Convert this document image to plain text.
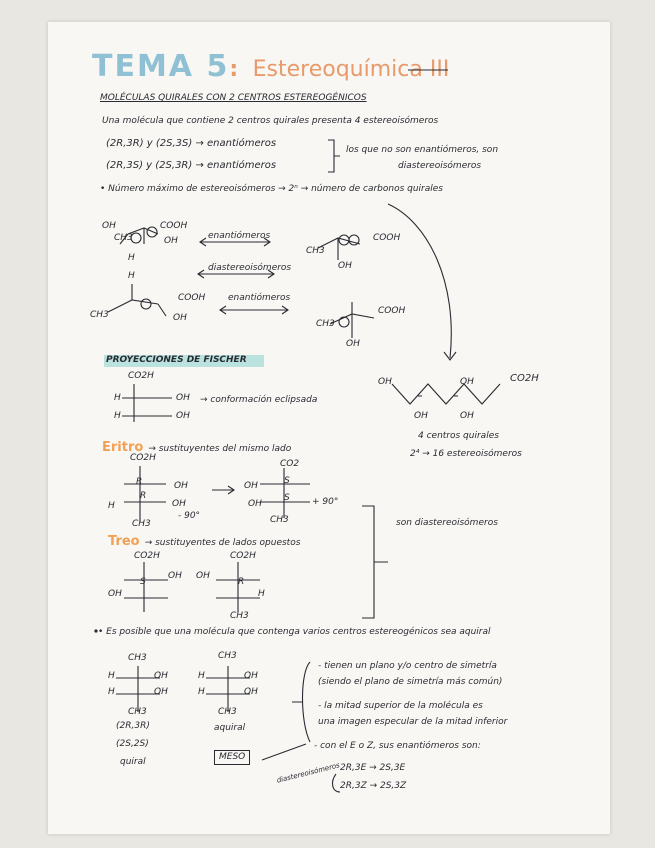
TEMA 5: Estereoquímica III
MOLÉCULAS QUIRALES CON 2 CENTROS ESTEREOGÉNICOS
Una molécula que contiene 2 centros quirales presenta 4 estereoisómeros
(2R,3R) y (2S,3S) → enantiómeros
(2R,3S) y (2S,3R) → enantiómeros
los que no son enantiómeros, son
diastereoisómeros
• Número máximo de estereoisómeros → 2ⁿ → número de carbonos quirales
OH	COOH
OH
CH3
H
enantiómeros
diastereoisómeros
CH3
COOH
OH
H
CH3
COOH
OH
enantiómeros
CH3
COOH
OH
PROYECCIONES DE FISCHER
CO2H
OH
OH
H
H
→ conformación eclipsada
OH	OH	CO2H
OH	OH
4 centros quirales
2⁴ → 16 estereoisómeros
Eritro → sustituyentes del mismo lado
CO2H
CO2
R
R
OH
OH
H
- 90°
CH3
OH	S
S
OH	+ 90°
CH3
Treo → sustituyentes de lados opuestos
CO2H	CO2H
S	R
OH
OH
OH
H
CH3
son diastereoisómeros
• Es posible que una molécula que contenga varios centros estereogénicos sea aquiral
CH3	CH3
H
H
OH
OH
H
H
OH
OH
CH3	CH3
(2R,3R)
(2S,2S)
quiral
aquiral
MESO
- tienen un plano y/o centro de simetría
(siendo el plano de simetría más común)
- la mitad superior de la molécula es
una imagen especular de la mitad inferior
- con el E o Z, sus enantiómeros son:
diastereoisómeros 2R,3E → 2S,3E
2R,3Z → 2S,3Z
